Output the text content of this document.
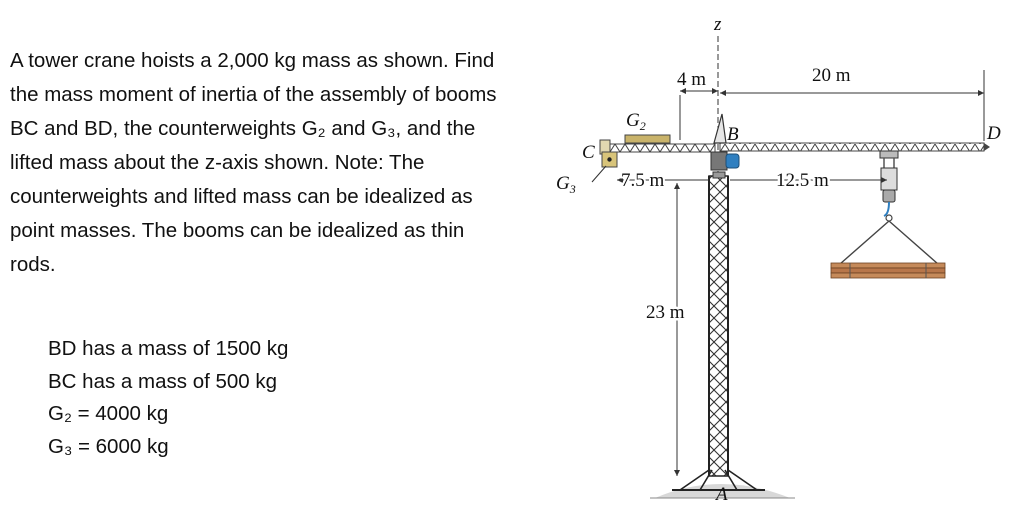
A tower crane hoists a 2,000 kg mass as shown. Find the mass moment of inertia of the assembly of booms BC and BD, the counterweights G₂ and G₃, and the lifted mass about the z-axis shown. Note: The counterweights and lifted mass can be idealized as point masses. The booms can be idealized as thin rods.

BD has a mass of 1500 kg
BC has a mass of 500 kg
G₂ = 4000 kg
G₃ = 6000 kg
z
4 m	20 m
7.5 m	12.5 m
23 m
B
C
D
A
$G_2$
$G_3$
